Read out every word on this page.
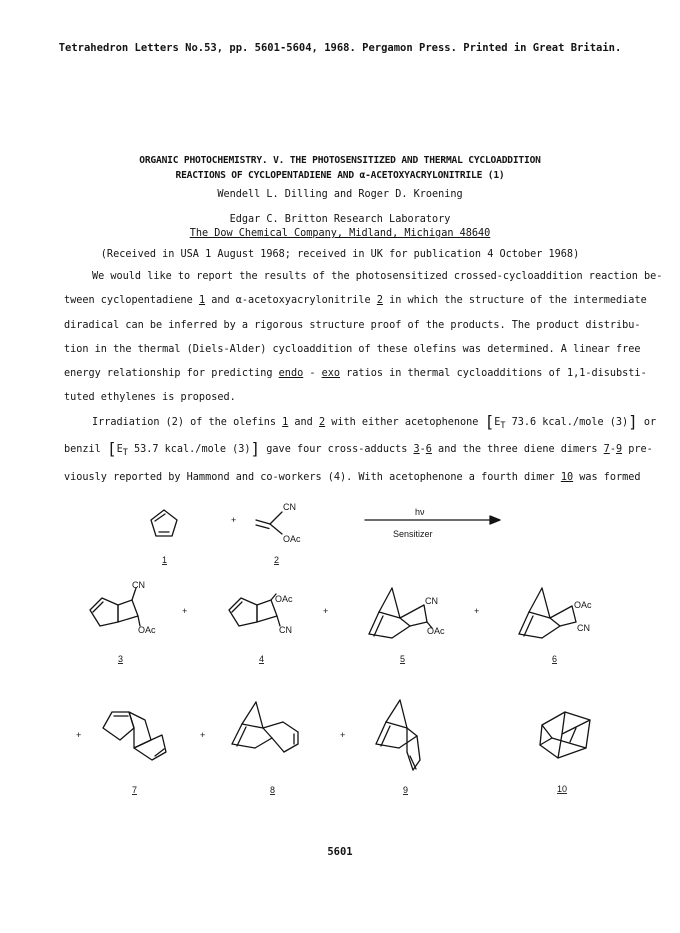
Tetrahedron Letters No.53, pp. 5601-5604, 1968. Pergamon Press. Printed in Great Britain.
ORGANIC PHOTOCHEMISTRY. V. THE PHOTOSENSITIZED AND THERMAL CYCLOADDITION
REACTIONS OF CYCLOPENTADIENE AND α-ACETOXYACRYLONITRILE (1)
Wendell L. Dilling and Roger D. Kroening
Edgar C. Britton Research Laboratory
The Dow Chemical Company, Midland, Michigan 48640
(Received in USA 1 August 1968; received in UK for publication 4 October 1968)
We would like to report the results of the photosensitized crossed-cycloaddition reaction be-
tween cyclopentadiene 1 and α-acetoxyacrylonitrile 2 in which the structure of the intermediate
diradical can be inferred by a rigorous structure proof of the products. The product distribu-
tion in the thermal (Diels-Alder) cycloaddition of these olefins was determined. A linear free
energy relationship for predicting endo - exo ratios in thermal cycloadditions of 1,1-disubsti-
tuted ethylenes is proposed.
Irradiation (2) of the olefins 1 and 2 with either acetophenone [$E_T$ 73.6 kcal./mole (3)] or
benzil [$E_T$ 53.7 kcal./mole (3)] gave four cross-adducts 3-6 and the three diene dimers 7-9 pre-
viously reported by Hammond and co-workers (4). With acetophenone a fourth dimer 10 was formed
+
CN
OAc
hν
Sensitizer
1	2
CN
OAc
+
3
OAc
CN
+
4
CN
OAc
+
5
OAc
CN
6
+
7
+
8
+
9	10
5601
